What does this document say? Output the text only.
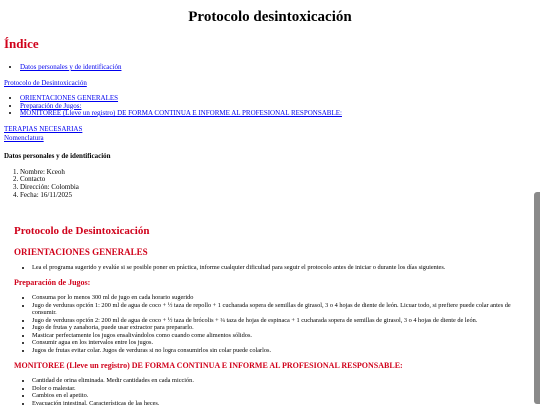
Protocolo desintoxicación
Índice
• Datos personales y de identificación
Protocolo de Desintoxicación
• ORIENTACIONES GENERALES
• Preparación de Jugos:
• MONITOREE (Lleve un registro) DE FORMA CONTINUA E INFORME AL PROFESIONAL RESPONSABLE:
TERAPIAS NECESARIAS
Nomenclatura
Datos personales y de identificación
1. Nombre: Kceoh
2. Contacto
3. Dirección: Colombia
4. Fecha: 16/11/2025
Protocolo de Desintoxicación
ORIENTACIONES GENERALES
• Lea el programa sugerido y evalúe si se posible poner en práctica, informe cualquier dificultad para seguir el protocolo antes de iniciar o durante los días siguientes.
Preparación de Jugos:
• Consuma por lo menos 300 ml de jugo en cada horario sugerido
• Jugo de verduras opción 1: 200 ml de agua de coco + ½ taza de repollo + 1 cucharada sopera de semillas de girasol, 3 o 4 hojas de diente de león. Licuar todo, si prefiere puede colar antes de consumir.
• Jugo de verduras opción 2: 200 ml de agua de coco + ½ taza de brócolis + ¼ taza de hojas de espinaca + 1 cucharada sopera de semillas de girasol, 3 o 4 hojas de diente de león.
• Jugo de frutas y zanahoria, puede usar extractor para prepararlo.
• Masticar perfectamente los jugos ensalivándolos como cuando come alimentos sólidos.
• Consumir agua en los intervalos entre los jugos.
• Jugos de frutas evitar colar. Jugos de verduras si no logra consumirlos sin colar puede colarlos.
MONITOREE (Lleve un registro) DE FORMA CONTINUA E INFORME AL PROFESIONAL RESPONSABLE:
• Cantidad de orina eliminada. Medir cantidades en cada micción.
• Dolor o malestar.
• Cambios en el apetito.
• Evacuación intestinal. Características de las heces.
